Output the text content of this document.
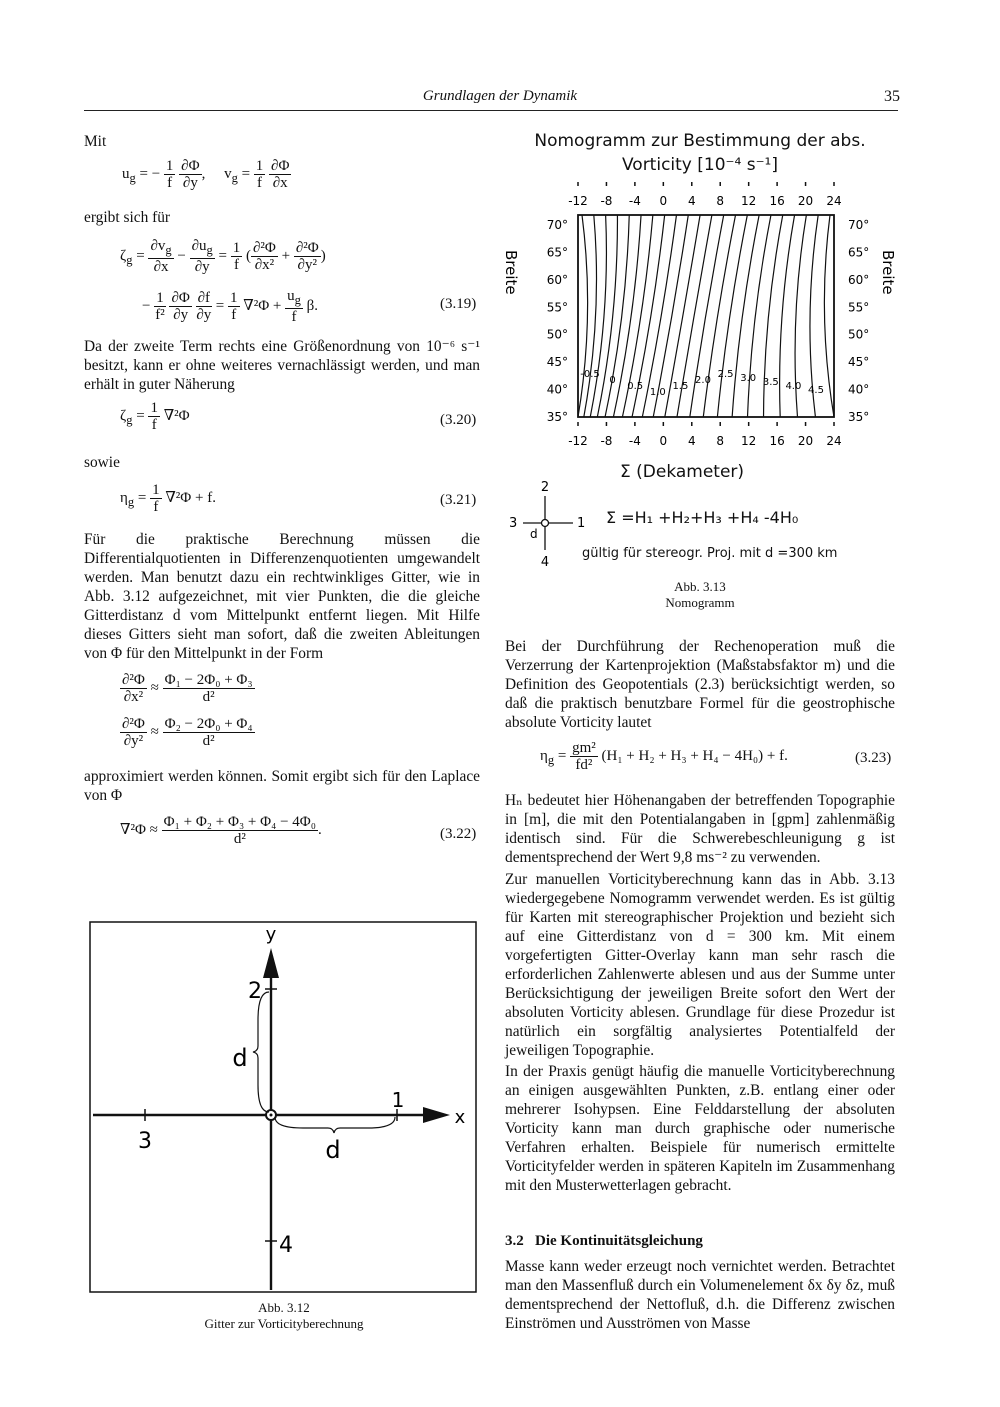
Grundlagen der Dynamik	35
Mit
$u_g$ = − $\frac{1}{f}$
$\frac{\partial\Phi}{\partial y}$ ,     $v_g = \frac{1}{f}$
$\frac{\partial\Phi}{\partial x}$
ergibt sich für
$\zeta_g = \frac{\partial v_g}{\partial x} - \frac{\partial u_g}{\partial y} = \frac{1}{f}$ ( $\frac{\text{∂²Φ}}{\text{∂x²}} + \frac{\text{∂²Φ}}{\text{∂y²}}$ )
− $\frac{1}{\text{f²}}$
$\frac{\partial\Phi}{\partial y}$
$\frac{\partial f}{\partial y} = \frac{1}{f} \nabla^2\Phi + \frac{u_g}{f} \beta$.	(3.19)
Da der zweite Term rechts eine Größenordnung von 10⁻⁶ s⁻¹ besitzt, kann er ohne weiteres vernachlässigt werden, und man erhält in guter Näherung
$\zeta_g = \frac{1}{f} \nabla^2\Phi$	(3.20)
sowie
$\eta_g = \frac{1}{f} \nabla^2\Phi + f$.	(3.21)
Für die praktische Berechnung müssen die Differentialquotienten in Differenzenquotienten umgewandelt werden. Man benutzt dazu ein rechtwinkliges Gitter, wie in Abb. 3.12 aufgezeichnet, mit vier Punkten, die die gleiche Gitterdistanz d vom Mittelpunkt entfernt liegen. Mit Hilfe dieses Gitters sieht man sofort, daß die zweiten Ableitungen von Φ für den Mittelpunkt in der Form
$\frac{\text{∂²Φ}}{\text{∂x²}} \approx \frac{\text{Φ₁ − 2Φ₀ + Φ₃}}{\text{d²}}$
$\frac{\text{∂²Φ}}{\text{∂y²}} \approx \frac{\text{Φ₂ − 2Φ₀ + Φ₄}}{\text{d²}}$
approximiert werden können. Somit ergibt sich für den Laplace von Φ
$\nabla^2\Phi \approx \frac{\text{Φ₁ + Φ₂ + Φ₃ + Φ₄ − 4Φ₀}}{\text{d²}}$ .	(3.22)
y
x
2
1
3
4
d
d
Abb. 3.12
Gitter zur Vorticityberechnung
Nomogramm zur Bestimmung der abs.
Vorticity [10⁻⁴ s⁻¹]
-12 -8 -4 0 4 8 12 16 20 24
-12 -8 -4 0 4 8 12 16 20 24
70°
65°
60°
55°
50°
45°
40°
35°
70°
65°
60°
55°
50°
45°
40°
35°
-0.5
0
0.5
1.0
1.5
2.0
2.5 3.0 3.5 4.0 4.5
Breite	Breite
Σ (Dekameter)
2
1
3
4
d
Σ =H₁ +H₂+H₃ +H₄ -4H₀
gültig für stereogr. Proj. mit d =300 km
Abb. 3.13
Nomogramm
Bei der Durchführung der Rechenoperation muß die Verzerrung der Kartenprojektion (Maßstabsfaktor m) und die Definition des Geopotentials (2.3) berücksichtigt werden, so daß die praktisch benutzbare Formel für die geostrophische absolute Vorticity lautet
$\eta_g = \frac{\text{gm²}}{\text{fd²}} (H_1 + H_2 + H_3 + H_4 - 4H_0) + f$.	(3.23)
Hₙ bedeutet hier Höhenangaben der betreffenden Topographie in [m], die mit den Potentialangaben in [gpm] zahlenmäßig identisch sind. Für die Schwerebeschleunigung g ist dementsprechend der Wert 9,8 ms⁻² zu verwenden.
Zur manuellen Vorticityberechnung kann das in Abb. 3.13 wiedergegebene Nomogramm verwendet werden. Es ist gültig für Karten mit stereographischer Projektion und bezieht sich auf eine Gitterdistanz von d = 300 km. Mit einem vorgefertigten Gitter-Overlay kann man sehr rasch die erforderlichen Zahlenwerte ablesen und aus der Summe unter Berücksichtigung der jeweiligen Breite sofort den Wert der absoluten Vorticity ablesen. Grundlage für diese Prozedur ist natürlich ein sorgfältig analysiertes Potentialfeld der jeweiligen Topographie.
In der Praxis genügt häufig die manuelle Vorticityberechnung an einigen ausgewählten Punkten, z.B. entlang einer oder mehrerer Isohypsen. Eine Felddarstellung der absoluten Vorticity kann man durch graphische oder numerische Verfahren erhalten. Beispiele für numerisch ermittelte Vorticityfelder werden in späteren Kapiteln im Zusammenhang mit den Musterwetterlagen gebracht.
3.2 Die Kontinuitätsgleichung
Masse kann weder erzeugt noch vernichtet werden. Betrachtet man den Massenfluß durch ein Volumenelement δx δy δz, muß dementsprechend der Nettofluß, d.h. die Differenz zwischen Einströmen und Ausströmen von Masse
